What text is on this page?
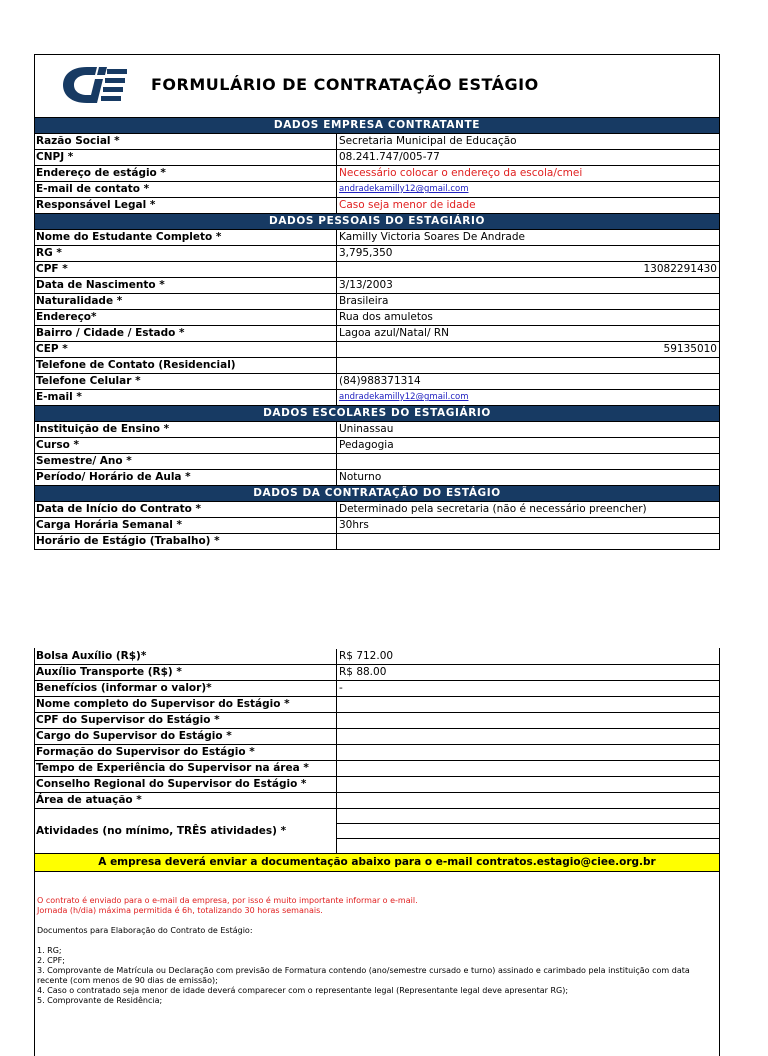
FORMULÁRIO DE CONTRATAÇÃO ESTÁGIO
DADOS EMPRESA CONTRATANTE
Razão Social *	Secretaria Municipal de Educação
CNPJ *	08.241.747/005-77
Endereço de estágio *	Necessário colocar o endereço da escola/cmei
E-mail de contato *	andradekamilly12@gmail.com
Responsável Legal *	Caso seja menor de idade
DADOS PESSOAIS DO ESTAGIÁRIO
Nome do Estudante Completo *	Kamilly Victoria Soares De Andrade
RG *	3,795,350
CPF *	13082291430
Data de Nascimento *	3/13/2003
Naturalidade *	Brasileira
Endereço*	Rua dos amuletos
Bairro / Cidade / Estado *	Lagoa azul/Natal/ RN
CEP *	59135010
Telefone de Contato (Residencial)
Telefone Celular *	(84)988371314
E-mail *	andradekamilly12@gmail.com
DADOS ESCOLARES DO ESTAGIÁRIO
Instituição de Ensino *	Uninassau
Curso *	Pedagogia
Semestre/ Ano *
Período/ Horário de Aula *	Noturno
DADOS DA CONTRATAÇÃO DO ESTÁGIO
Data de Início do Contrato *	Determinado pela secretaria (não é necessário preencher)
Carga Horária Semanal *	30hrs
Horário de Estágio (Trabalho) *
Bolsa Auxílio (R$)*	R$ 712.00
Auxílio Transporte (R$) *	R$ 88.00
Benefícios (informar o valor)*	-
Nome completo do Supervisor do Estágio *
CPF do Supervisor do Estágio *
Cargo do Supervisor do Estágio *
Formação do Supervisor do Estágio *
Tempo de Experiência do Supervisor na área *
Conselho Regional do Supervisor do Estágio *
Área de atuação *
Atividades (no mínimo, TRÊS atividades) *
A empresa deverá enviar a documentação abaixo para o e-mail contratos.estagio@ciee.org.br
O contrato é enviado para o e-mail da empresa, por isso é muito importante informar o e-mail.
Jornada (h/dia) máxima permitida é 6h, totalizando 30 horas semanais.
Documentos para Elaboração do Contrato de Estágio:
1. RG;
2. CPF;
3. Comprovante de Matrícula ou Declaração com previsão de Formatura contendo (ano/semestre cursado e turno) assinado e carimbado pela instituição com data recente (com menos de 90 dias de emissão);
4. Caso o contratado seja menor de idade deverá comparecer com o representante legal (Representante legal deve apresentar RG);
5. Comprovante de Residência;
